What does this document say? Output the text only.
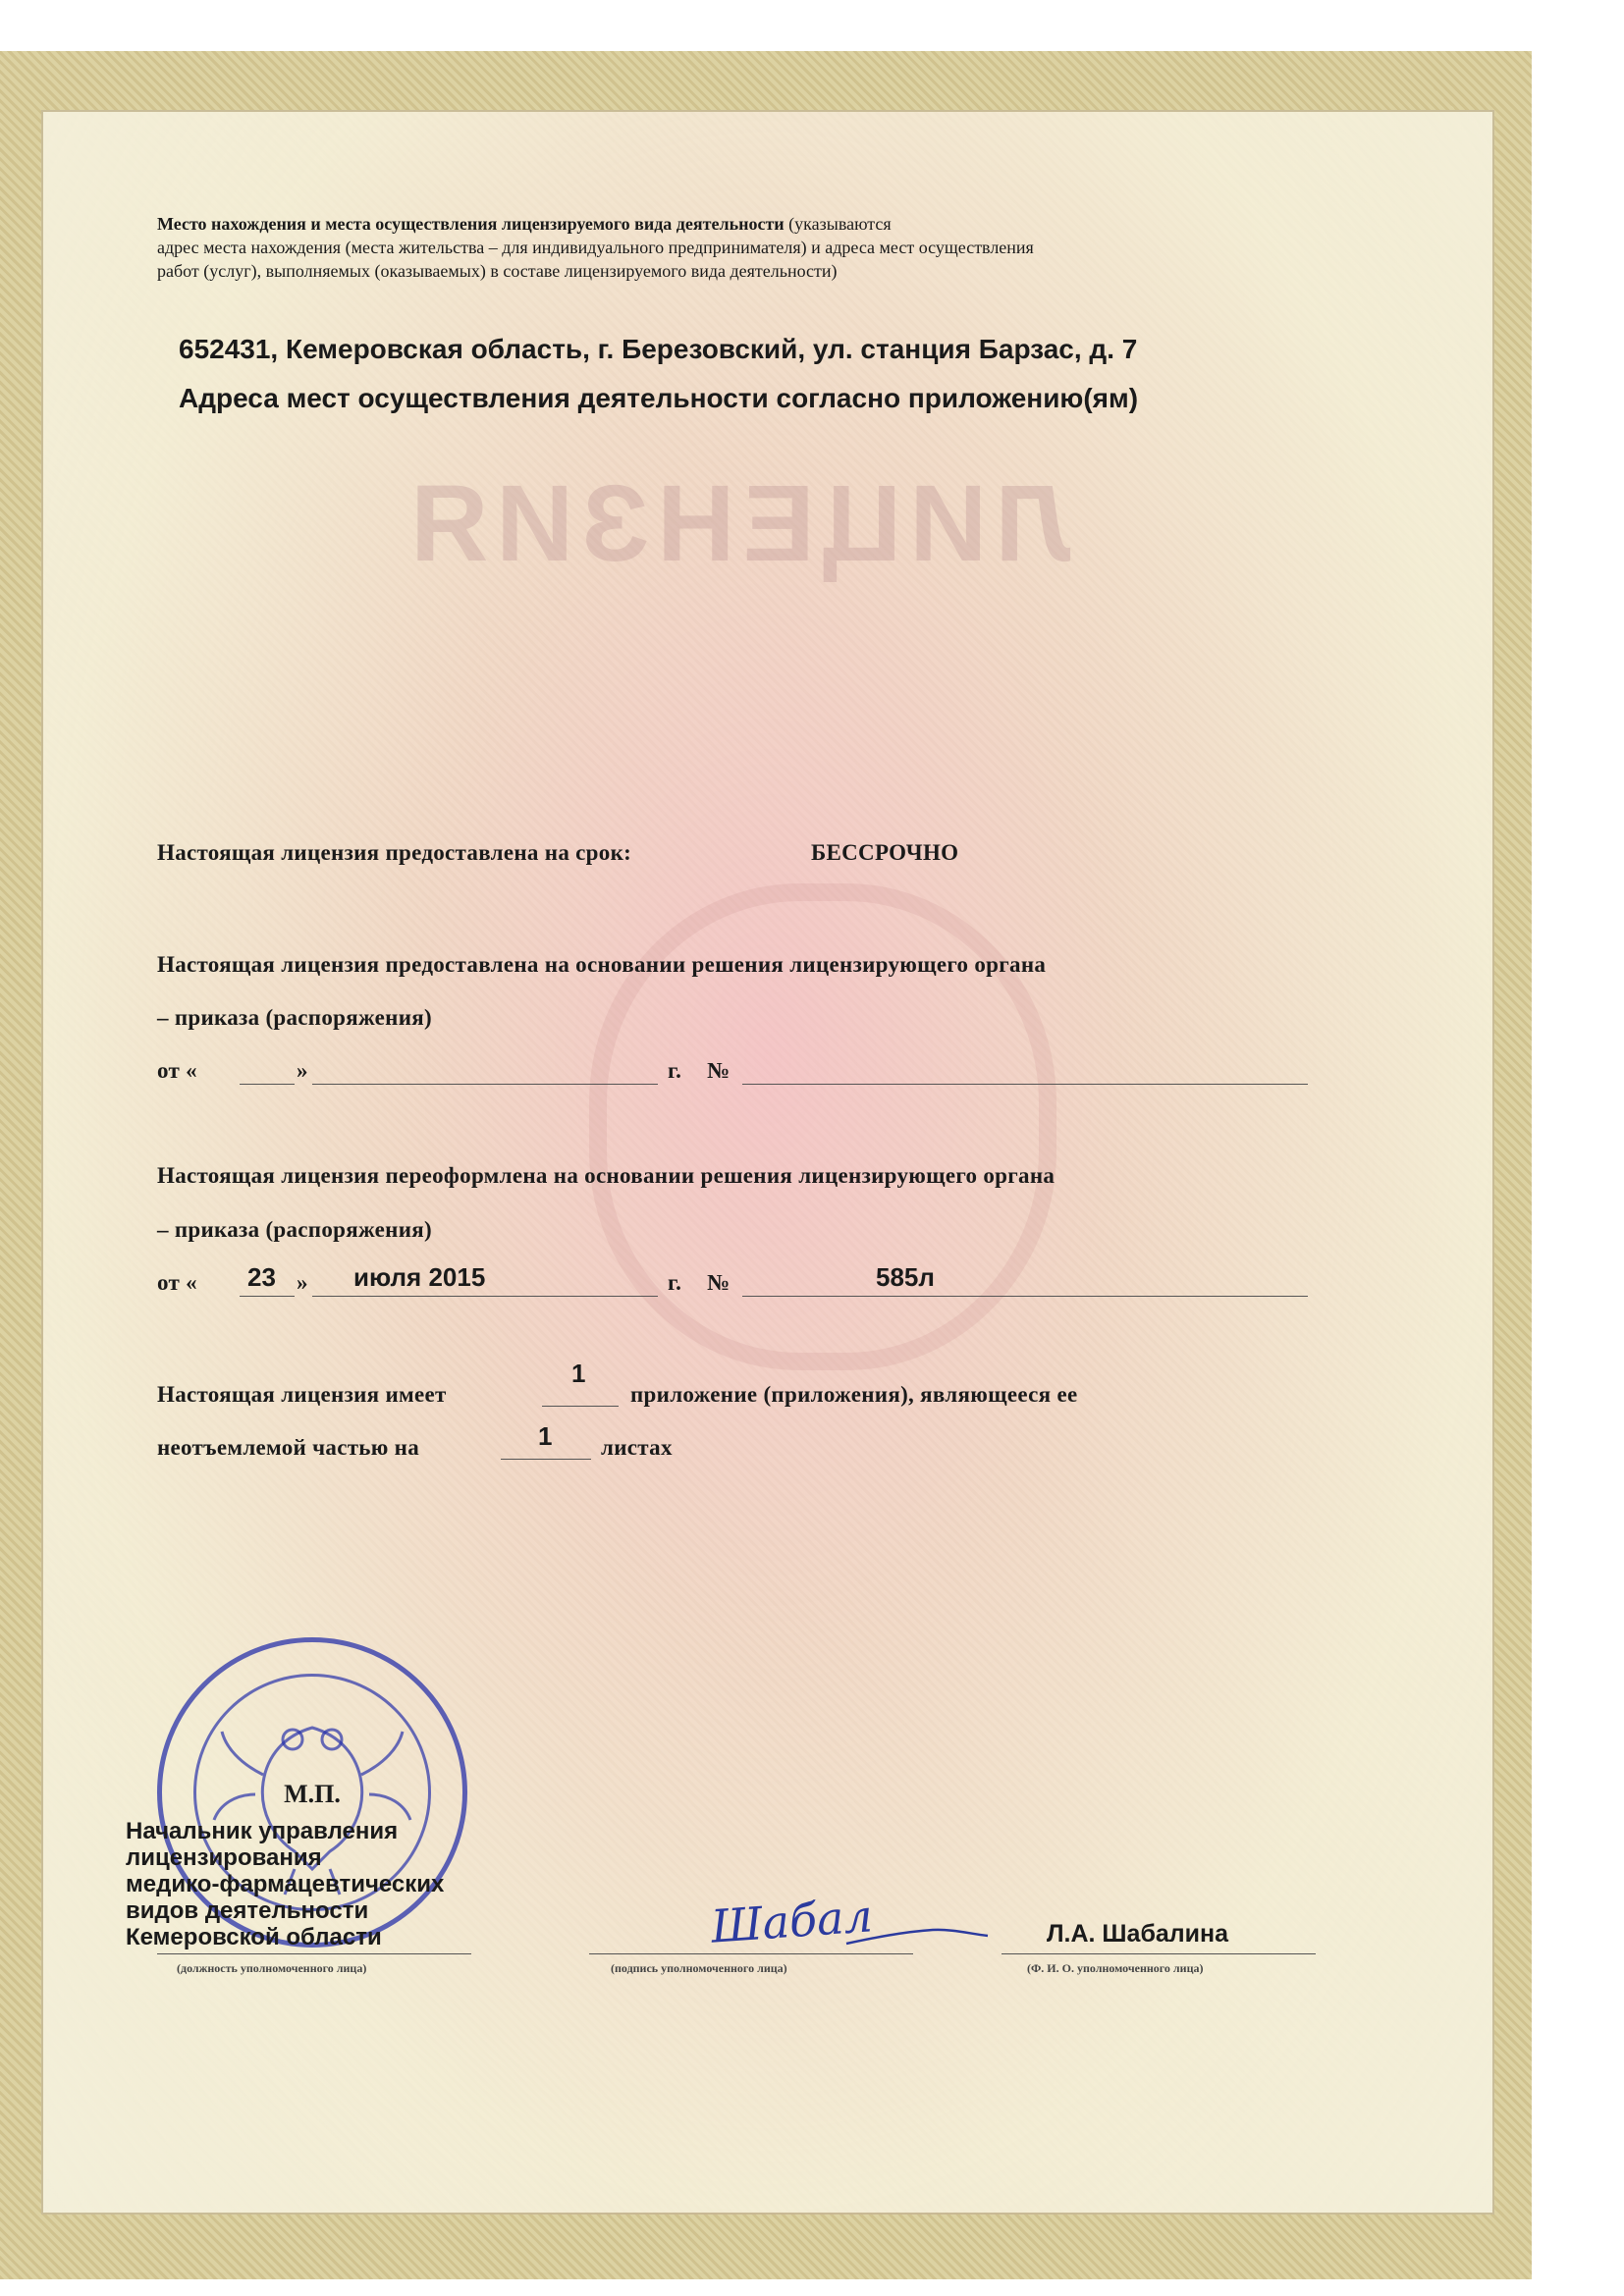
ЛИЦЕНЗИЯ
Место нахождения и места осуществления лицензируемого вида деятельности (указываются
адрес места нахождения (места жительства – для индивидуального предпринимателя) и адреса мест осуществления
работ (услуг), выполняемых (оказываемых) в составе лицензируемого вида деятельности)
652431, Кемеровская область, г. Березовский, ул. станция Барзас, д. 7
Адреса мест осуществления деятельности согласно приложению(ям)
Настоящая лицензия предоставлена на срок:	БЕССРОЧНО
Настоящая лицензия предоставлена на основании решения лицензирующего органа
– приказа (распоряжения)
от «	»	г. №
Настоящая лицензия переоформлена на основании решения лицензирующего органа
– приказа (распоряжения)
от « 23 » июля 2015	г. №	585л
Настоящая лицензия имеет
1
приложение (приложения), являющееся ее
неотъемлемой частью на	1 листах
М.П.
Начальник управления
лицензирования
медико-фармацевтических
видов деятельности
Кемеровской области	Шабал	Л.А. Шабалина
(должность уполномоченного лица)	(подпись уполномоченного лица)	(Ф. И. О. уполномоченного лица)
